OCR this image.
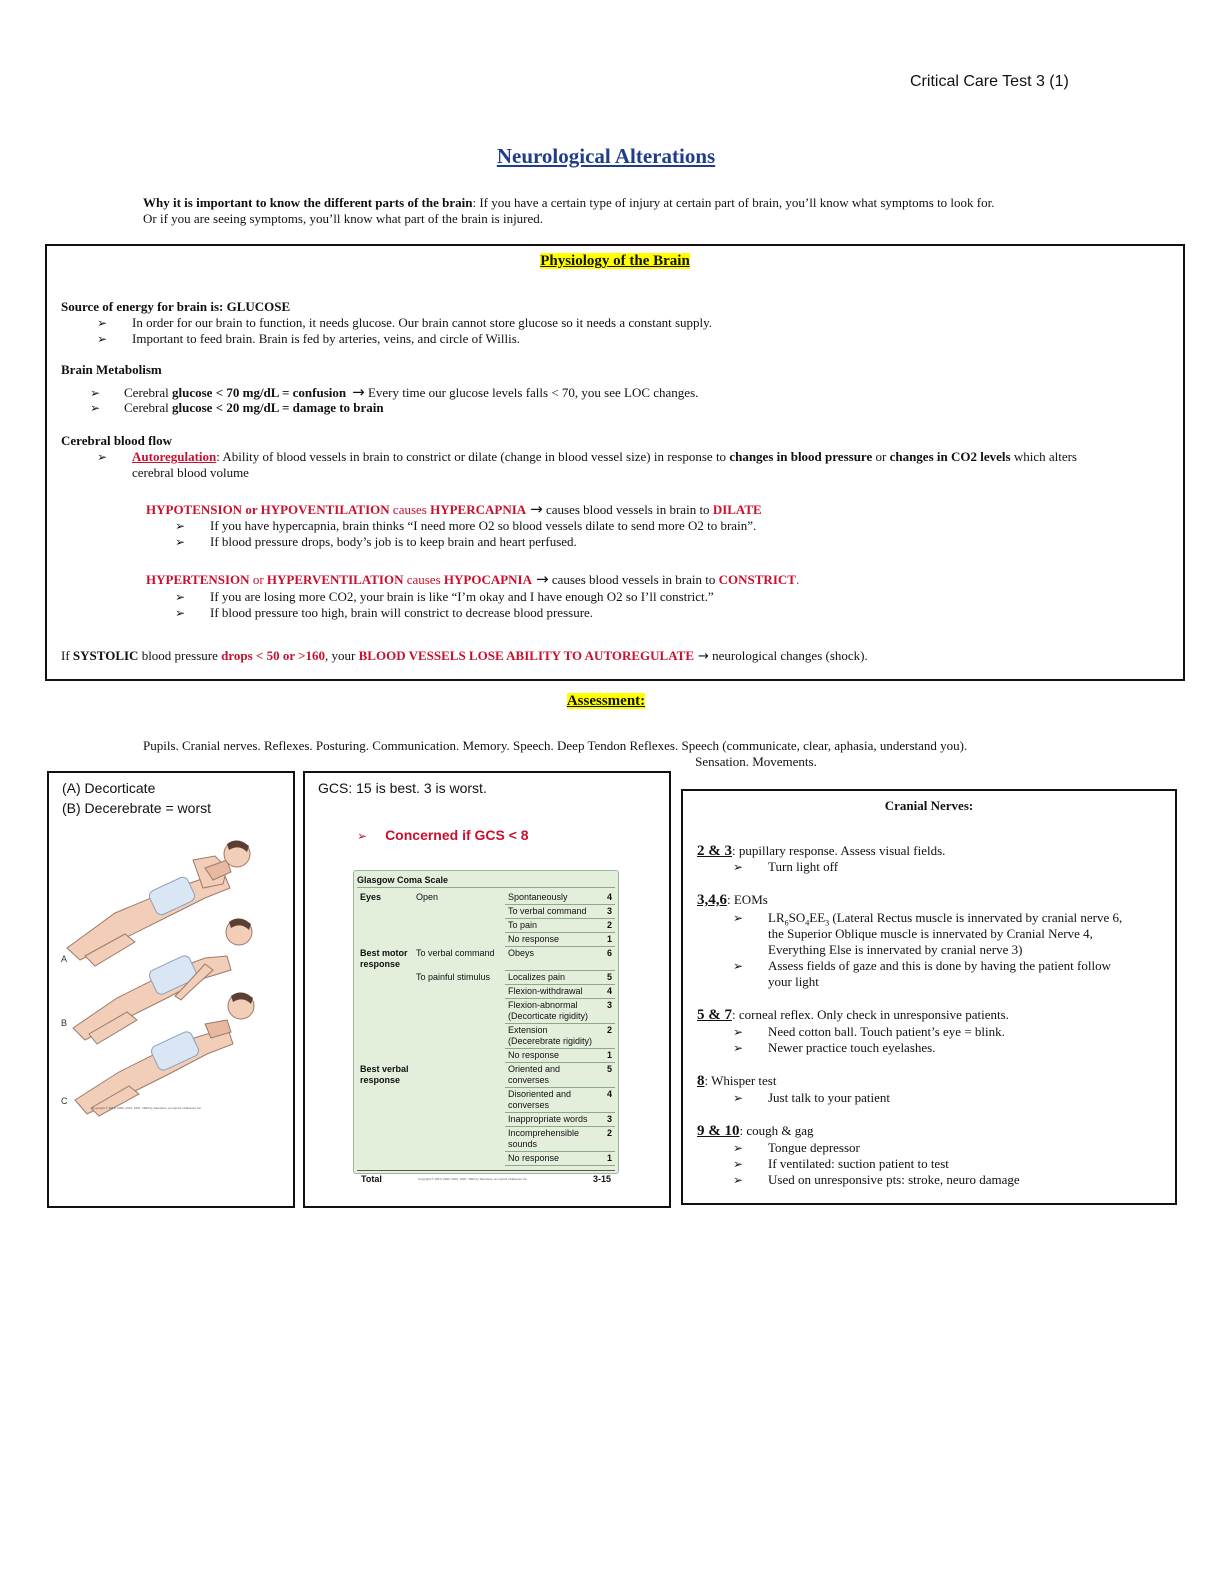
Critical Care Test 3 (1)
Neurological Alterations
Why it is important to know the different parts of the brain: If you have a certain type of injury at certain part of brain, you’ll know what symptoms to look for.
Or if you are seeing symptoms, you’ll know what part of the brain is injured.
Physiology of the Brain
Source of energy for brain is: GLUCOSE
➢ In order for our brain to function, it needs glucose. Our brain cannot store glucose so it needs a constant supply.
➢ Important to feed brain. Brain is fed by arteries, veins, and circle of Willis.
Brain Metabolism
➢ Cerebral glucose < 70 mg/dL = confusion → Every time our glucose levels falls < 70, you see LOC changes.
➢ Cerebral glucose < 20 mg/dL = damage to brain
Cerebral blood flow
➢ Autoregulation: Ability of blood vessels in brain to constrict or dilate (change in blood vessel size) in response to changes in blood pressure or changes in CO2 levels which alters
cerebral blood volume
HYPOTENSION or HYPOVENTILATION causes HYPERCAPNIA → causes blood vessels in brain to DILATE
➢ If you have hypercapnia, brain thinks “I need more O2 so blood vessels dilate to send more O2 to brain”.
➢ If blood pressure drops, body’s job is to keep brain and heart perfused.
HYPERTENSION or HYPERVENTILATION causes HYPOCAPNIA → causes blood vessels in brain to CONSTRICT.
➢ If you are losing more CO2, your brain is like “I’m okay and I have enough O2 so I’ll constrict.”
➢ If blood pressure too high, brain will constrict to decrease blood pressure.
If SYSTOLIC blood pressure drops < 50 or >160, your BLOOD VESSELS LOSE ABILITY TO AUTOREGULATE → neurological changes (shock).
Assessment:
Pupils. Cranial nerves. Reflexes. Posturing. Communication. Memory. Speech. Deep Tendon Reflexes. Speech (communicate, clear, aphasia, understand you).
Sensation. Movements.
(A) Decorticate
(B) Decerebrate = worst
A
B
C
Copyright © 2010, 2006, 2001, 1997, 1993 by Saunders, an imprint of Elsevier Inc.
GCS: 15 is best. 3 is worst.
➢ Concerned if GCS < 8
Glasgow Coma Scale
Eyes	Open	Spontaneously	4
		To verbal command	3
		To pain	2
		No response	1
Best motor response	To verbal command	Obeys	6
	To painful stimulus	Localizes pain	5
		Flexion-withdrawal	4
		Flexion-abnormal (Decorticate rigidity)	3
		Extension (Decerebrate rigidity)	2
		No response	1
Best verbal response		Oriented and converses	5
		Disoriented and converses	4
		Inappropriate words	3
		Incomprehensible sounds	2
		No response	1
Total	3-15
Copyright © 2010, 2006, 2001, 1997, 1993 by Saunders, an imprint of Elsevier Inc.
Cranial Nerves:
2 & 3: pupillary response. Assess visual fields.
➢ Turn light off
3,4,6: EOMs
➢ $LR_6SO_4EE_3$ (Lateral Rectus muscle is innervated by cranial nerve 6,
the Superior Oblique muscle is innervated by Cranial Nerve 4,
Everything Else is innervated by cranial nerve 3)
➢ Assess fields of gaze and this is done by having the patient follow
your light
5 & 7: corneal reflex. Only check in unresponsive patients.
➢ Need cotton ball. Touch patient’s eye = blink.
➢ Newer practice touch eyelashes.
8: Whisper test
➢ Just talk to your patient
9 & 10: cough & gag
➢ Tongue depressor
➢ If ventilated: suction patient to test
➢ Used on unresponsive pts: stroke, neuro damage
